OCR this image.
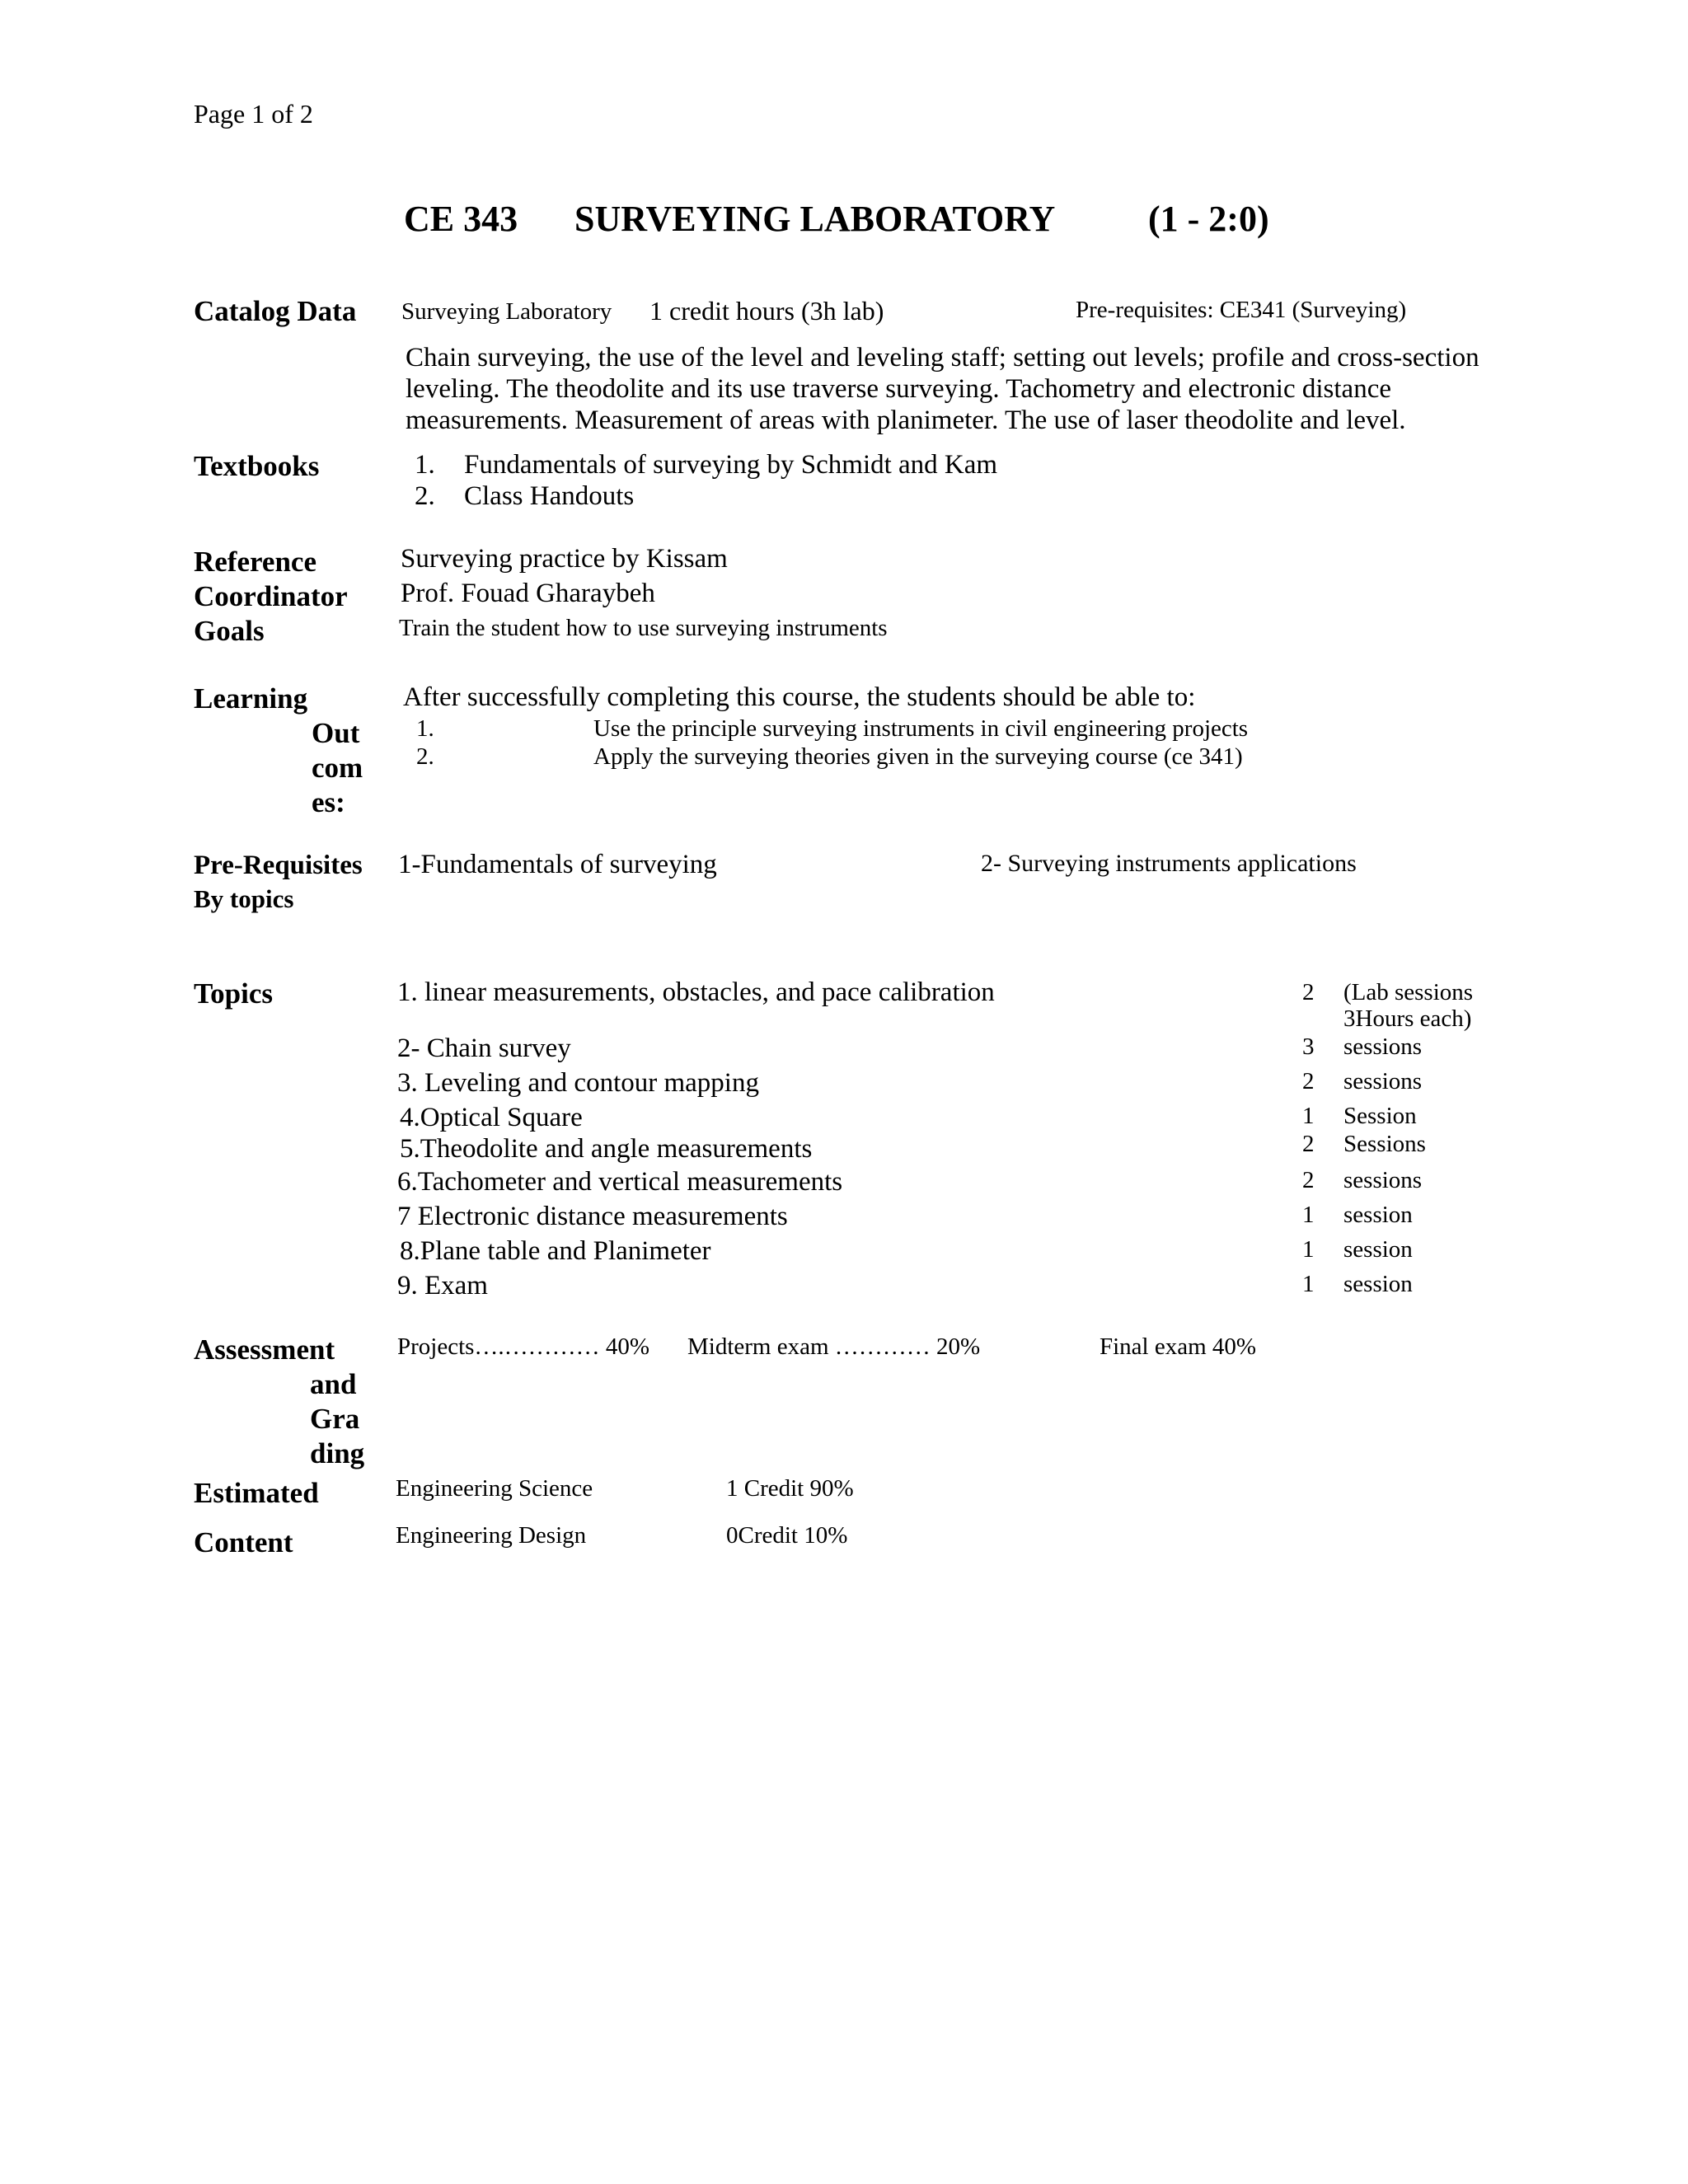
Page 1 of 2
CE 343 SURVEYING LABORATORY	(1 - 2:0)
Catalog Data Surveying Laboratory 1 credit hours (3h lab)	Pre-requisites: CE341 (Surveying)
Chain surveying, the use of the level and leveling staff; setting out levels; profile and cross-section leveling. The theodolite and its use traverse surveying. Tachometry and electronic distance measurements. Measurement of areas with planimeter. The use of laser theodolite and level.
Textbooks	1. Fundamentals of surveying by Schmidt and Kam
2. Class Handouts
Reference	Surveying practice by Kissam
Coordinator Prof. Fouad Gharaybeh
Goals	Train the student how to use surveying instruments
Learning
Out
com
es:
After successfully completing this course, the students should be able to:
1.	Use the principle surveying instruments in civil engineering projects
2.	Apply the surveying theories given in the surveying course (ce 341)
Pre-Requisites
By topics
1-Fundamentals of surveying	2- Surveying instruments applications
Topics	1. linear measurements, obstacles, and pace calibration	2 (Lab sessions
3Hours each)
2- Chain survey	3 sessions
3. Leveling and contour mapping	2 sessions
4.Optical Square	1 Session
5.Theodolite and angle measurements	2 Sessions
6.Tachometer and vertical measurements	2 sessions
7 Electronic distance measurements	1 session
8.Plane table and Planimeter	1 session
9. Exam	1 session
Assessment
and
Gra
ding
Projects….………… 40% Midterm exam ………… 20%	Final exam 40%
Estimated
Content
Engineering Science	1 Credit 90%
Engineering Design	0Credit 10%
